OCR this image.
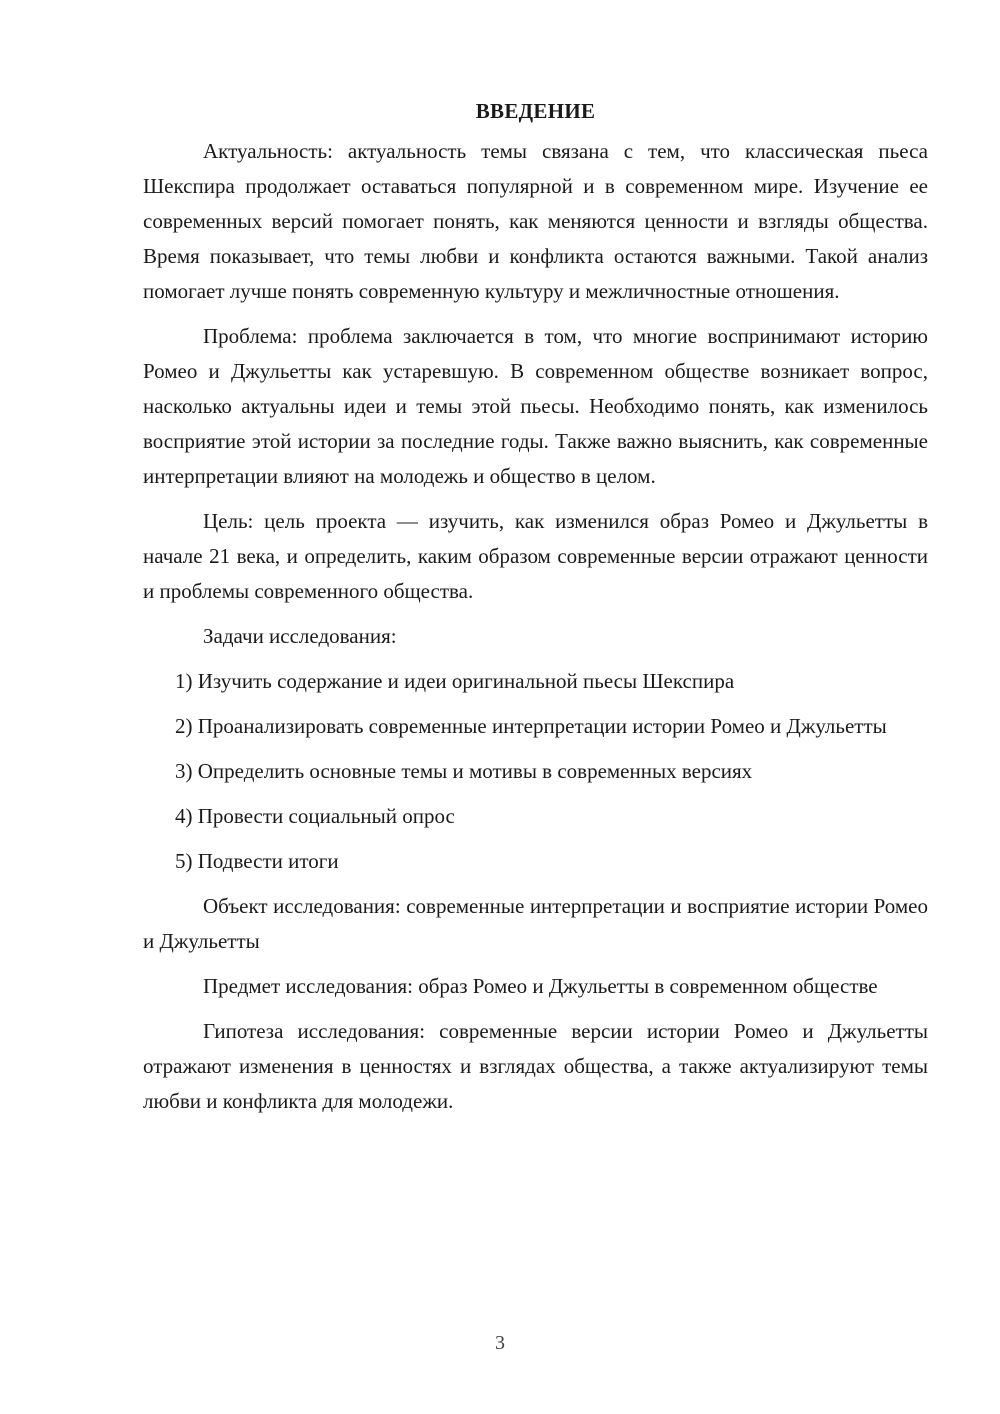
ВВЕДЕНИЕ

Актуальность: актуальность темы связана с тем, что классическая пьеса Шекспира продолжает оставаться популярной и в современном мире. Изучение ее современных версий помогает понять, как меняются ценности и взгляды общества. Время показывает, что темы любви и конфликта остаются важными. Такой анализ помогает лучше понять современную культуру и межличностные отношения.

Проблема: проблема заключается в том, что многие воспринимают историю Ромео и Джульетты как устаревшую. В современном обществе возникает вопрос, насколько актуальны идеи и темы этой пьесы. Необходимо понять, как изменилось восприятие этой истории за последние годы. Также важно выяснить, как современные интерпретации влияют на молодежь и общество в целом.

Цель: цель проекта — изучить, как изменился образ Ромео и Джульетты в начале 21 века, и определить, каким образом современные версии отражают ценности и проблемы современного общества.

Задачи исследования:

1) Изучить содержание и идеи оригинальной пьесы Шекспира

2) Проанализировать современные интерпретации истории Ромео и Джульетты

3) Определить основные темы и мотивы в современных версиях

4) Провести социальный опрос

5) Подвести итоги

Объект исследования: современные интерпретации и восприятие истории Ромео и Джульетты

Предмет исследования: образ Ромео и Джульетты в современном обществе

Гипотеза исследования: современные версии истории Ромео и Джульетты отражают изменения в ценностях и взглядах общества, а также актуализируют темы любви и конфликта для молодежи.

3
